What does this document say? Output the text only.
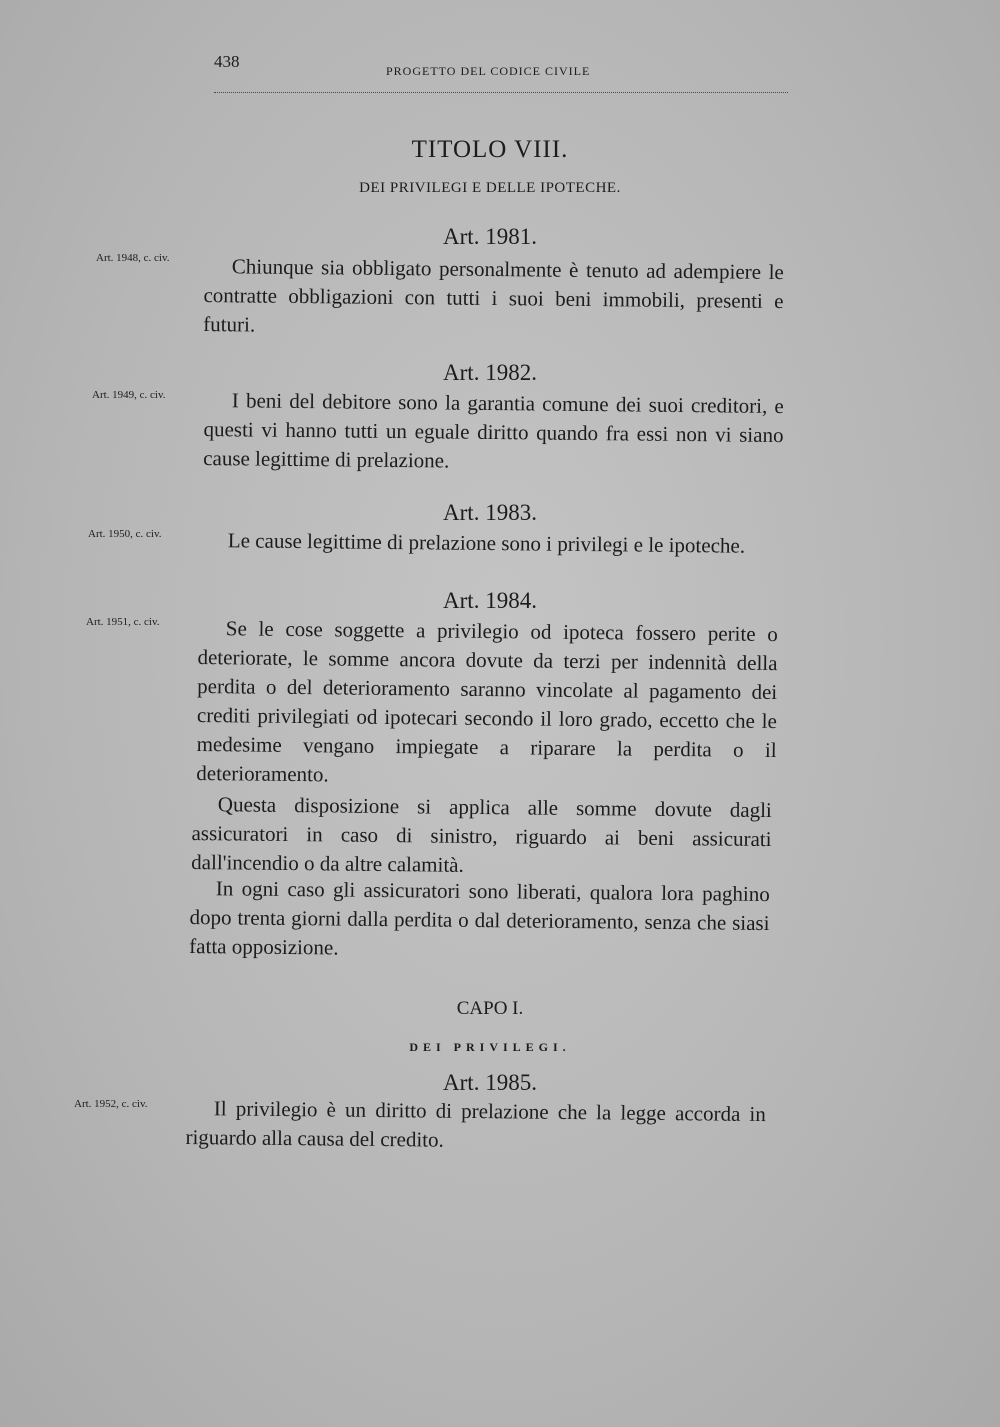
438	PROGETTO DEL CODICE CIVILE
TITOLO VIII.
DEI PRIVILEGI E DELLE IPOTECHE.
Art. 1981.
Art. 1948, c. civ.	Chiunque sia obbligato personalmente è tenuto ad adempiere le contratte obbligazioni con tutti i suoi beni immobili, presenti e futuri.
Art. 1982.
Art. 1949, c. civ.	I beni del debitore sono la garantia comune dei suoi creditori, e questi vi hanno tutti un eguale diritto quando fra essi non vi siano cause legittime di prelazione.
Art. 1983.
Art. 1950, c. civ.	Le cause legittime di prelazione sono i privilegi e le ipoteche.
Art. 1984.
Art. 1951, c. civ.	Se le cose soggette a privilegio od ipoteca fossero perite o deteriorate, le somme ancora dovute da terzi per indennità della perdita o del deterioramento saranno vincolate al pagamento dei crediti privilegiati od ipotecari secondo il loro grado, eccetto che le medesime vengano impiegate a riparare la perdita o il deterioramento.
Questa disposizione si applica alle somme dovute dagli assicuratori in caso di sinistro, riguardo ai beni assicurati dall'incendio o da altre calamità.
In ogni caso gli assicuratori sono liberati, qualora lora paghino dopo trenta giorni dalla perdita o dal deterioramento, senza che siasi fatta opposizione.
CAPO I.
DEI PRIVILEGI.
Art. 1985.
Art. 1952, c. civ.	Il privilegio è un diritto di prelazione che la legge accorda in riguardo alla causa del credito.
